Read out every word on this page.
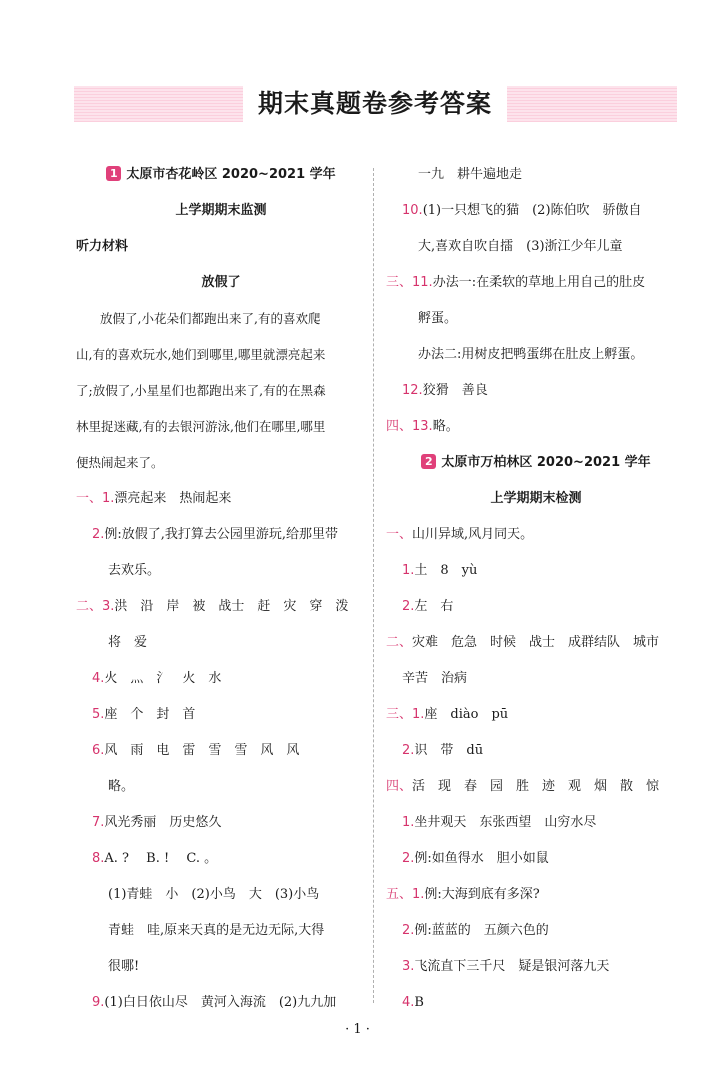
期末真题卷参考答案
1 太原市杏花岭区 2020~2021 学年
上学期期末监测
听力材料
放假了
放假了,小花朵们都跑出来了,有的喜欢爬
山,有的喜欢玩水,她们到哪里,哪里就漂亮起来
了;放假了,小星星们也都跑出来了,有的在黑森
林里捉迷藏,有的去银河游泳,他们在哪里,哪里
便热闹起来了。
一、1.漂亮起来　热闹起来
2.例:放假了,我打算去公园里游玩,给那里带
去欢乐。
二、3.洪　沿　岸　被　战士　赶　灾　穿　泼
将　爱
4.火　灬　氵　火　水
5.座　个　封　首
6.风　雨　电　雷　雪　雪　风　风
略。
7.风光秀丽　历史悠久
8.A. ?　 B. !　 C. 。
(1)青蛙　小　(2)小鸟　大　(3)小鸟
青蛙　哇,原来天真的是无边无际,大得
很哪!
9.(1)白日依山尽　黄河入海流　(2)九九加
一九　耕牛遍地走
10.(1)一只想飞的猫　(2)陈伯吹　骄傲自
大,喜欢自吹自擂　(3)浙江少年儿童
三、11.办法一:在柔软的草地上用自己的肚皮
孵蛋。
办法二:用树皮把鸭蛋绑在肚皮上孵蛋。
12.狡猾　善良
四、13.略。
2 太原市万柏林区 2020~2021 学年
上学期期末检测
一、山川异域,风月同天。
1.土　8　yù
2.左　右
二、灾难　危急　时候　战士　成群结队　城市
辛苦　治病
三、1.座　diào　pū
2.识　带　dū
四、活　现　春　园　胜　迹　观　烟　散　惊
1.坐井观天　东张西望　山穷水尽
2.例:如鱼得水　胆小如鼠
五、1.例:大海到底有多深?
2.例:蓝蓝的　五颜六色的
3.飞流直下三千尺　疑是银河落九天
4.B
· 1 ·
